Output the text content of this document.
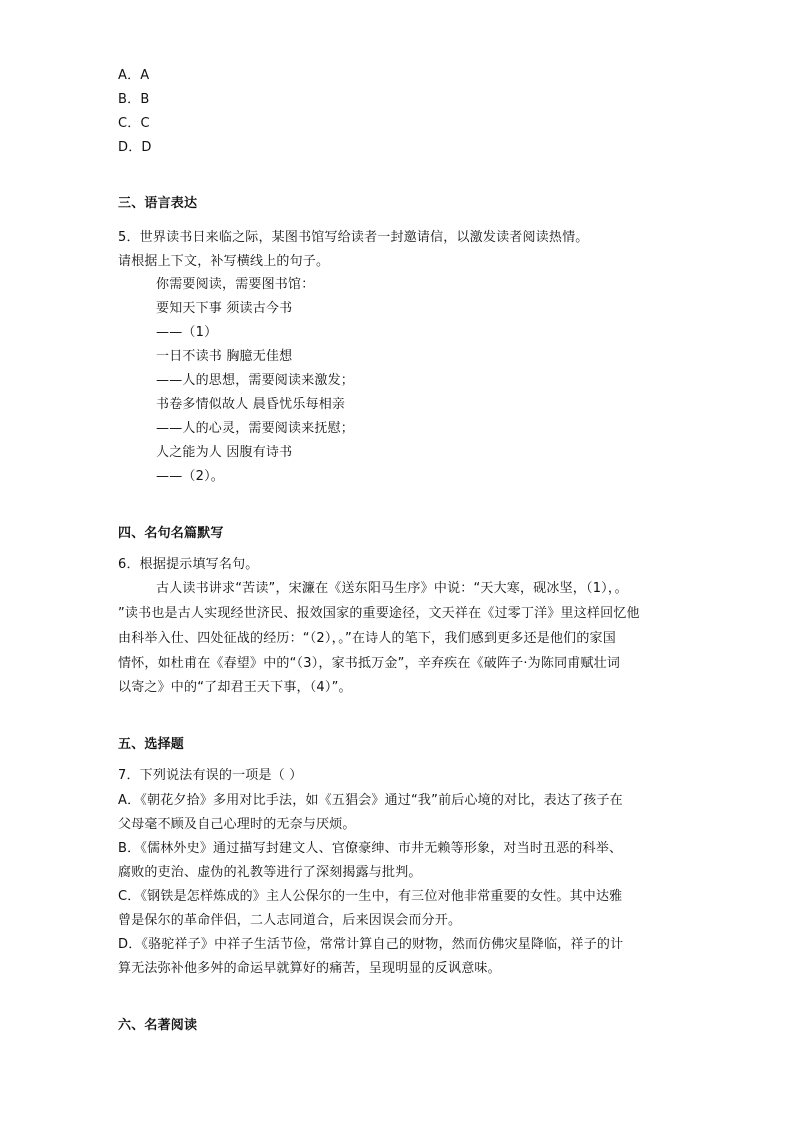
A．A
B．B
C．C
D．D
三、语言表达
5．世界读书日来临之际，某图书馆写给读者一封邀请信，以激发读者阅读热情。
请根据上下文，补写横线上的句子。
你需要阅读，需要图书馆：
要知天下事 须读古今书
——（1）
一日不读书 胸臆无佳想
——人的思想，需要阅读来激发；
书卷多情似故人 晨昏忧乐每相亲
——人的心灵，需要阅读来抚慰；
人之能为人 因腹有诗书
——（2）。
四、名句名篇默写
6．根据提示填写名句。
古人读书讲求“苦读”，宋濂在《送东阳马生序》中说：“天大寒，砚冰坚，（1），。
”读书也是古人实现经世济民、报效国家的重要途径，文天祥在《过零丁洋》里这样回忆他
由科举入仕、四处征战的经历：“（2），。”在诗人的笔下，我们感到更多还是他们的家国
情怀，如杜甫在《春望》中的“（3），家书抵万金”，辛弃疾在《破阵子·为陈同甫赋壮词
以寄之》中的“了却君王天下事，（4）”。
五、选择题
7．下列说法有误的一项是（ ）
A．《朝花夕拾》多用对比手法，如《五猖会》通过“我”前后心境的对比，表达了孩子在
父母毫不顾及自己心理时的无奈与厌烦。
B．《儒林外史》通过描写封建文人、官僚豪绅、市井无赖等形象，对当时丑恶的科举、
腐败的吏治、虚伪的礼教等进行了深刻揭露与批判。
C．《钢铁是怎样炼成的》主人公保尔的一生中，有三位对他非常重要的女性。其中达雅
曾是保尔的革命伴侣，二人志同道合，后来因误会而分开。
D．《骆驼祥子》中祥子生活节俭，常常计算自己的财物，然而仿佛灾星降临，祥子的计
算无法弥补他多舛的命运早就算好的痛苦，呈现明显的反讽意味。
六、名著阅读
